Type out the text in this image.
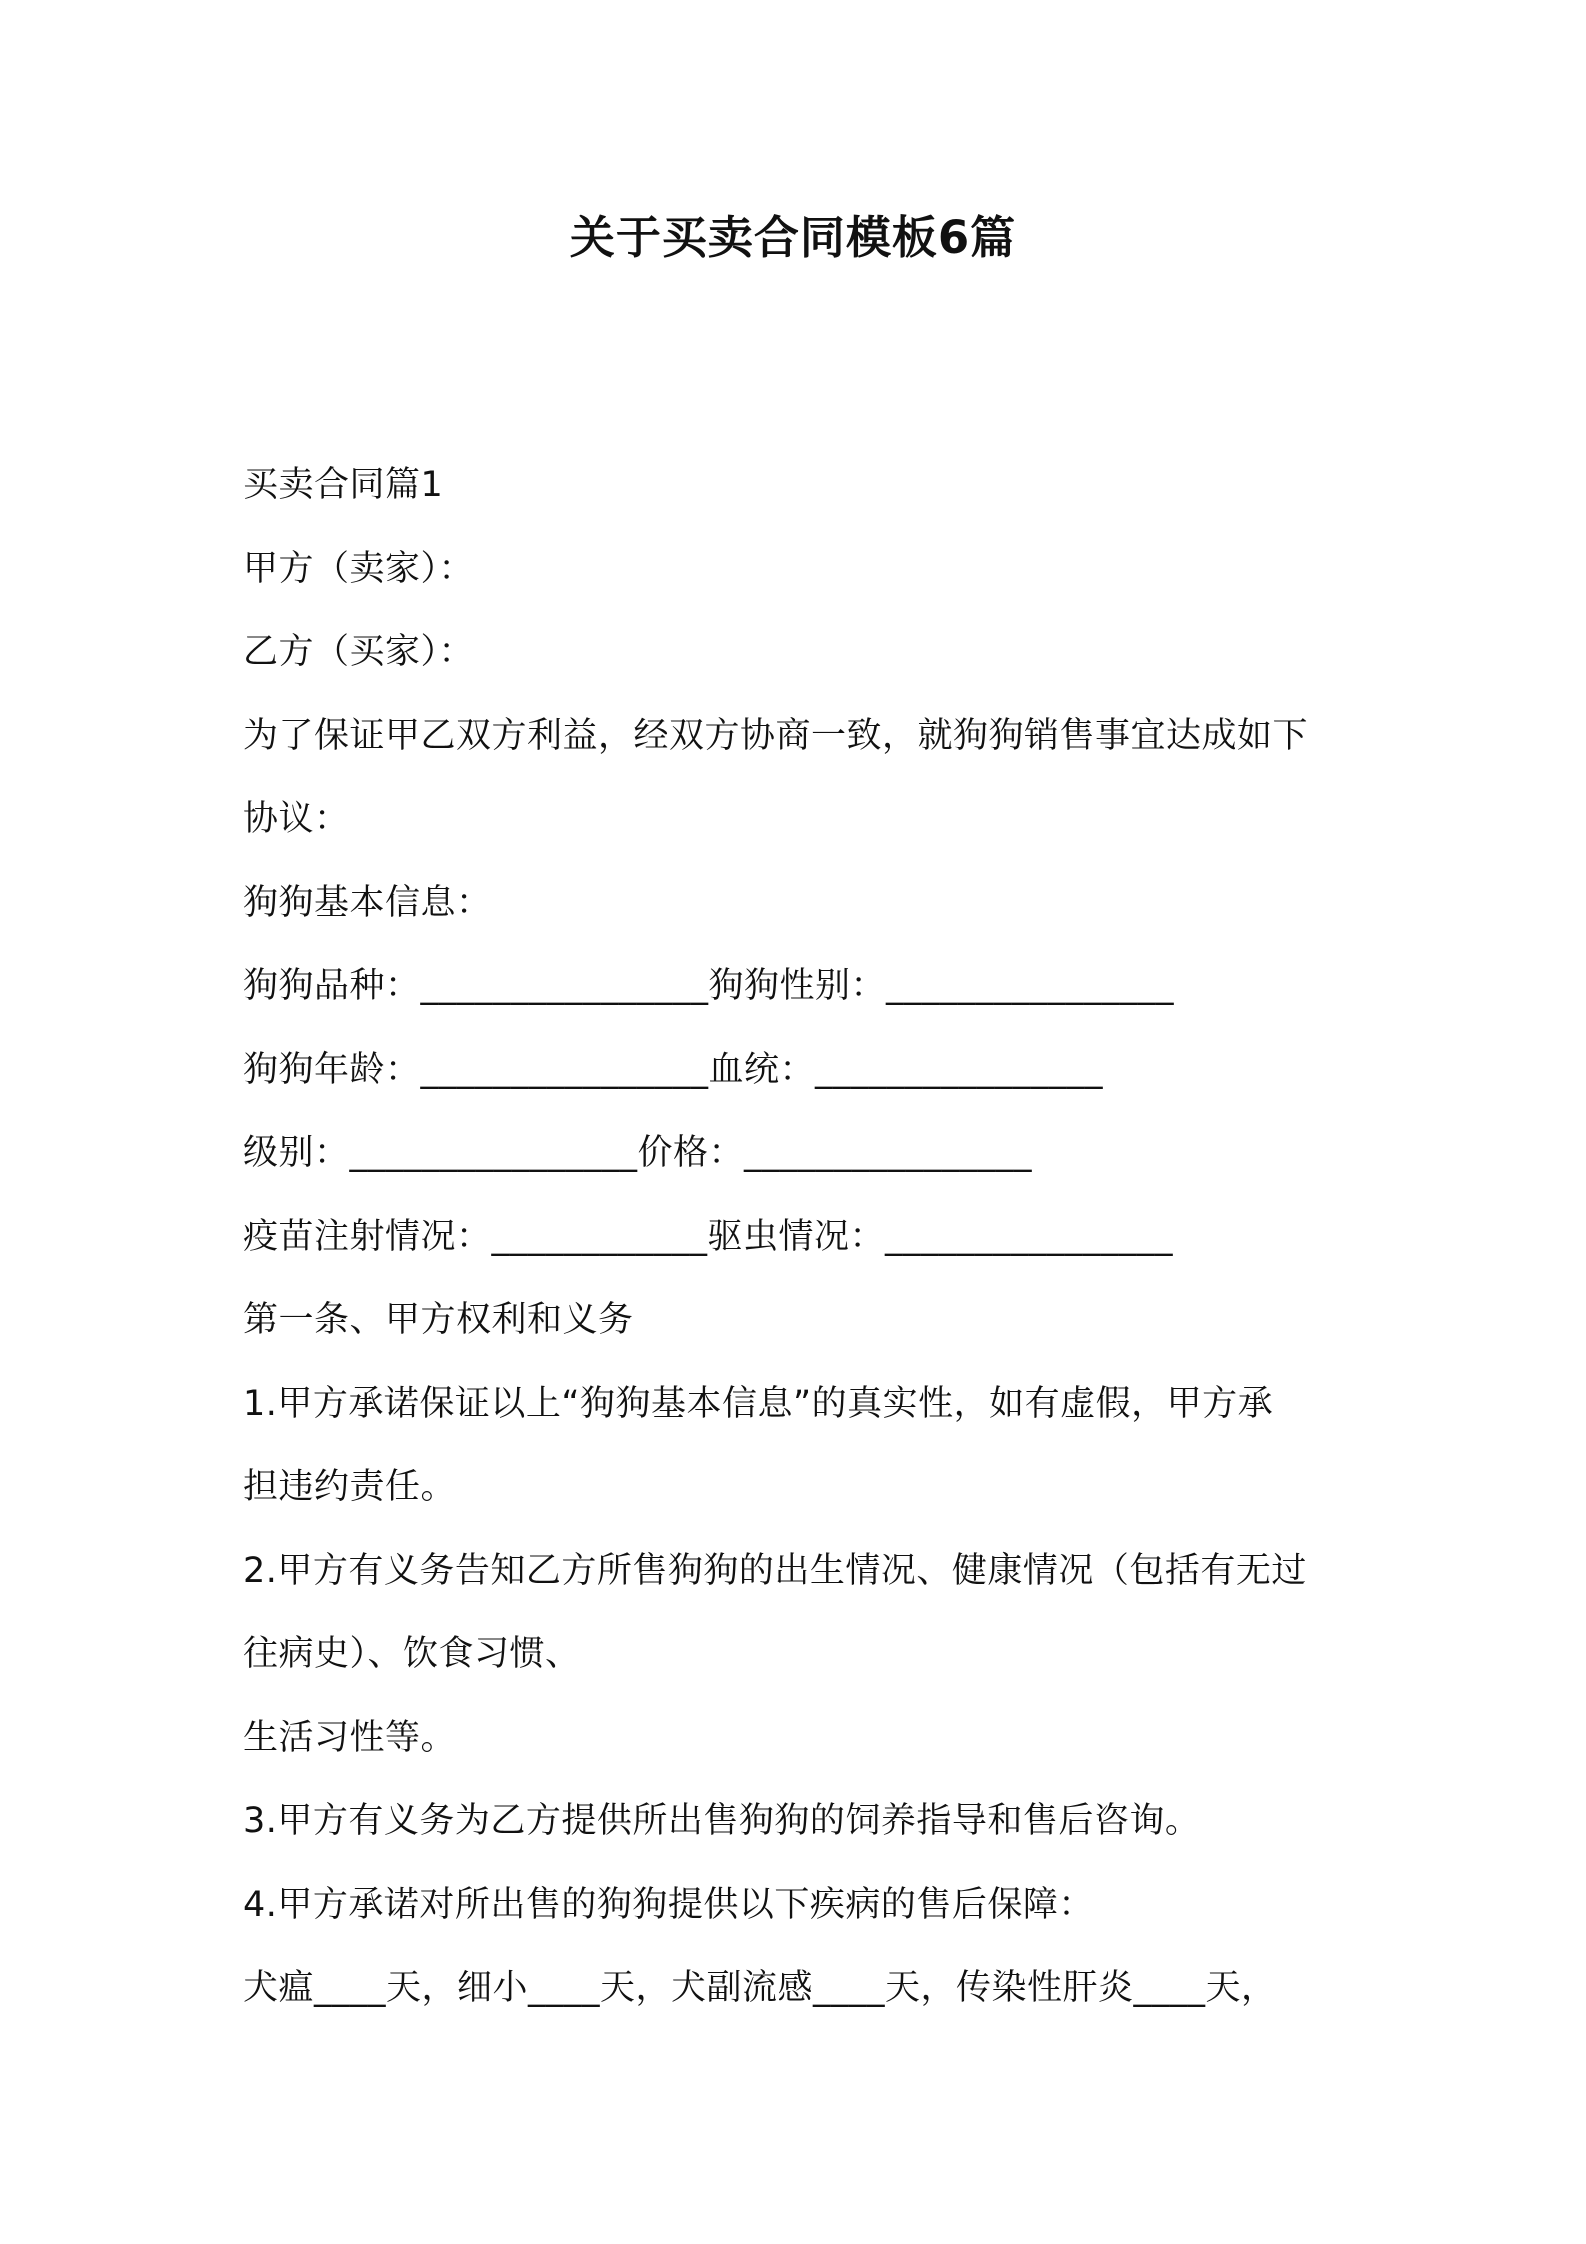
关于买卖合同模板6篇
买卖合同篇1
甲方（卖家）：
乙方（买家）：
为了保证甲乙双方利益，经双方协商一致，就狗狗销售事宜达成如下
协议：
狗狗基本信息：
狗狗品种：________________狗狗性别：________________
狗狗年龄：________________血统：________________
级别：________________价格：________________
疫苗注射情况：____________驱虫情况：________________
第一条、甲方权利和义务
1.甲方承诺保证以上“狗狗基本信息”的真实性，如有虚假，甲方承
担违约责任。
2.甲方有义务告知乙方所售狗狗的出生情况、健康情况（包括有无过
往病史）、饮食习惯、
生活习性等。
3.甲方有义务为乙方提供所出售狗狗的饲养指导和售后咨询。
4.甲方承诺对所出售的狗狗提供以下疾病的售后保障：
犬瘟____天，细小____天，犬副流感____天，传染性肝炎____天，
